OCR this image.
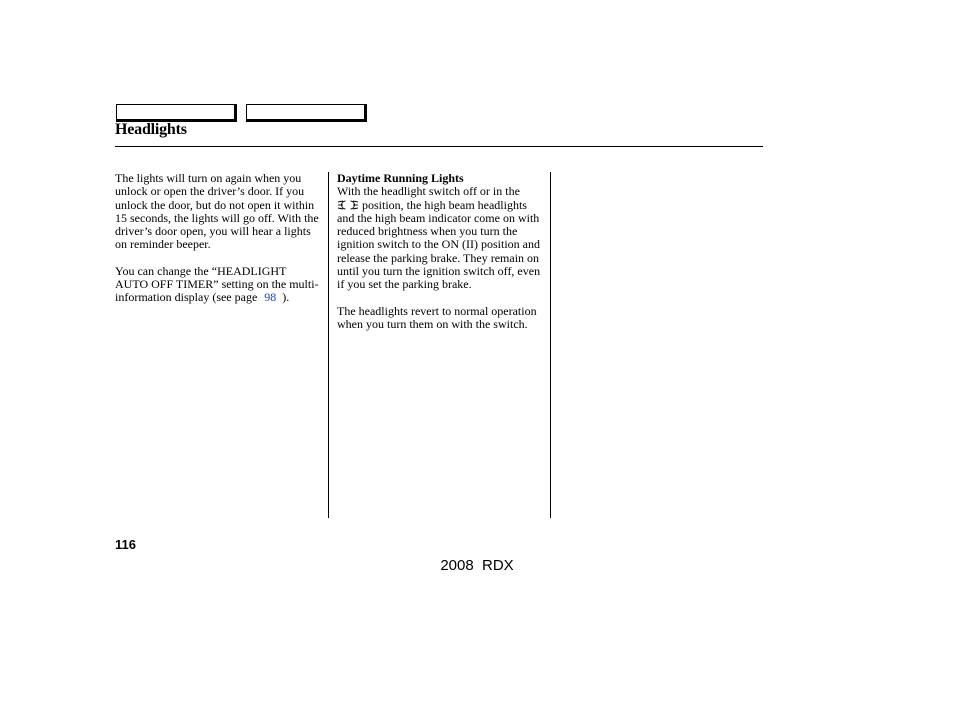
Headlights

The lights will turn on again when you unlock or open the driver’s door. If you unlock the door, but do not open it within 15 seconds, the lights will go off. With the driver’s door open, you will hear a lights on reminder beeper.

You can change the “HEADLIGHT AUTO OFF TIMER” setting on the multi-information display (see page 98 ).

Daytime Running Lights
With the headlight switch off or in the  position, the high beam headlights and the high beam indicator come on with reduced brightness when you turn the ignition switch to the ON (II) position and release the parking brake. They remain on until you turn the ignition switch off, even if you set the parking brake.

The headlights revert to normal operation when you turn them on with the switch.

116
2008  RDX
